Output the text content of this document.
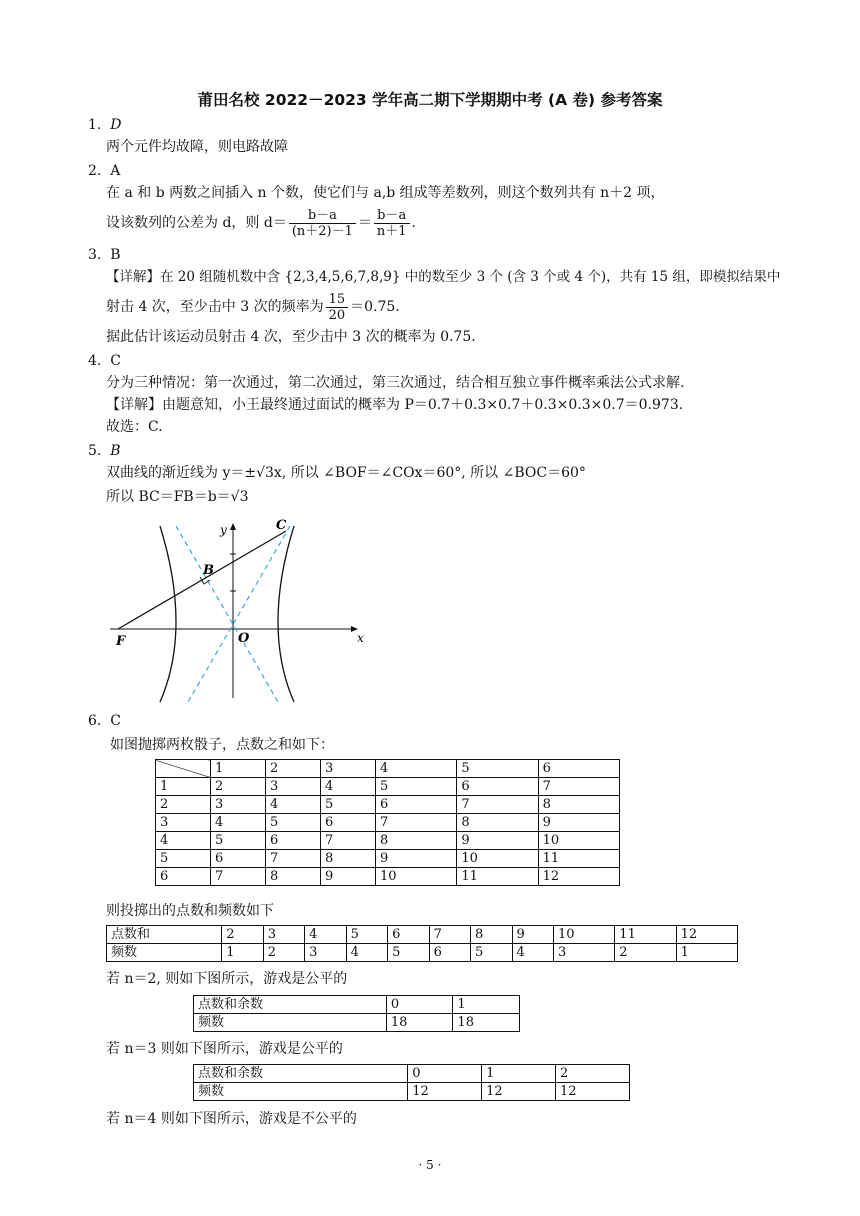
莆田名校 2022－2023 学年高二期下学期期中考 (A 卷) 参考答案
1. D
两个元件均故障，则电路故障
2. A
在 a 和 b 两数之间插入 n 个数，使它们与 a,b 组成等差数列，则这个数列共有 n＋2 项，
设该数列的公差为 d，则 $d= \frac{b-a}{(n+2)-1} = \frac{b-a}{n+1}$ .
3. B
【详解】在 20 组随机数中含 {2,3,4,5,6,7,8,9} 中的数至少 3 个 (含 3 个或 4 个)，共有 15 组，即模拟结果中
射击 4 次，至少击中 3 次的频率为 $\frac{15}{20} =0.75$.
据此估计该运动员射击 4 次，至少击中 3 次的概率为 0.75.
4. C
分为三种情况：第一次通过，第二次通过，第三次通过，结合相互独立事件概率乘法公式求解.
【详解】由题意知，小王最终通过面试的概率为 P＝0.7＋0.3×0.7＋0.3×0.3×0.7＝0.973.
故选：C.
5. B
双曲线的渐近线为 y＝±√3x, 所以 ∠BOF＝∠COx＝60°, 所以 ∠BOC＝60°
所以 BC＝FB＝b＝√3
C
B
F	O	x
y
6. C
如图抛掷两枚骰子，点数之和如下：
	1	2	3	4	5	6
1	2	3	4	5	6	7
2	3	4	5	6	7	8
3	4	5	6	7	8	9
4	5	6	7	8	9	10
5	6	7	8	9	10	11
6	7	8	9	10	11	12
则投掷出的点数和频数如下
点数和	2	3	4	5	6	7	8	9	10	11	12
频数	1	2	3	4	5	6	5	4	3	2	1
若 n＝2, 则如下图所示，游戏是公平的
点数和余数	0	1
频数	18	18
若 n＝3 则如下图所示，游戏是公平的
点数和余数	0	1	2
频数	12	12	12
若 n＝4 则如下图所示，游戏是不公平的
· 5 ·
